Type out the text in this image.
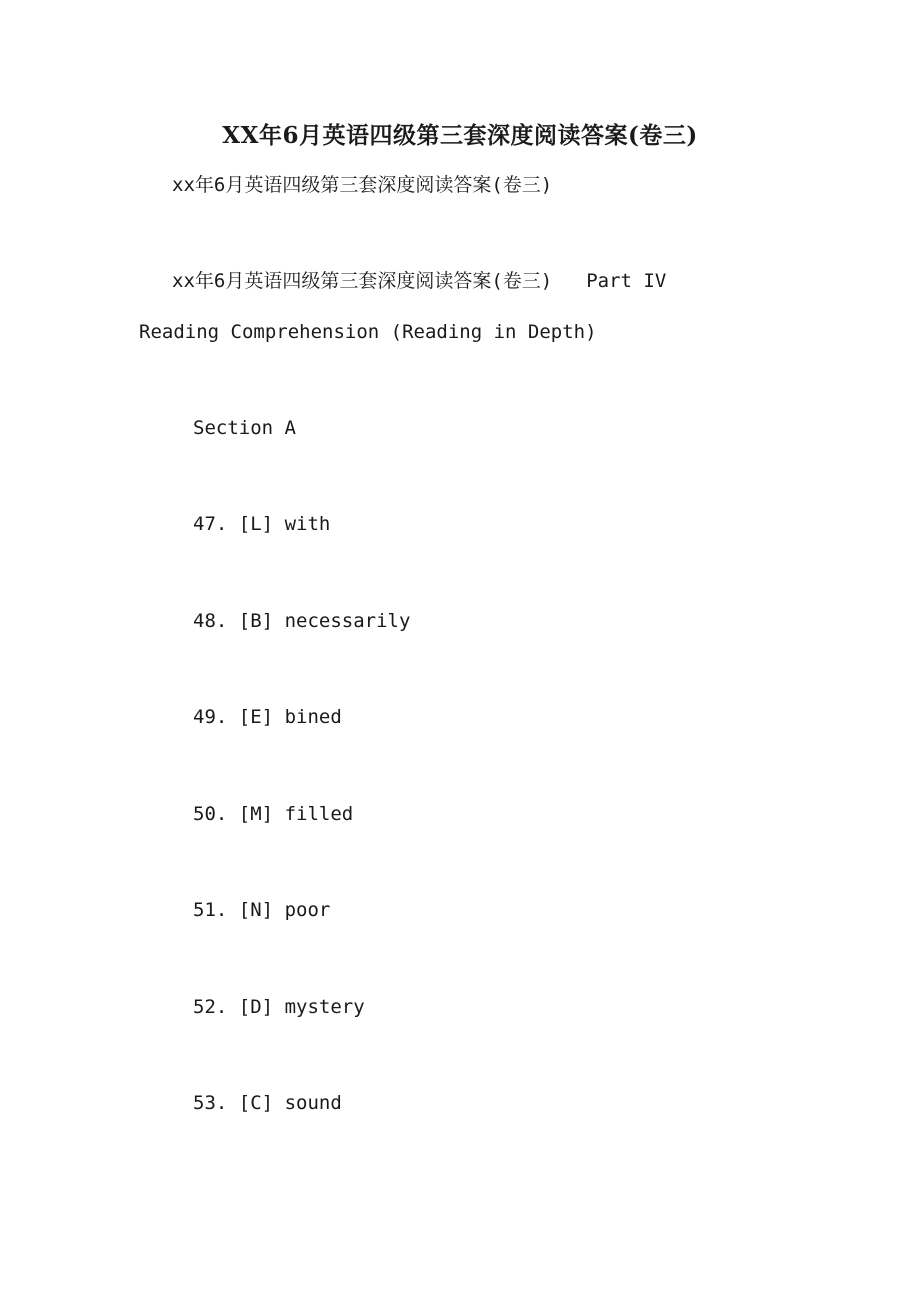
XX年6月英语四级第三套深度阅读答案(卷三)
xx年6月英语四级第三套深度阅读答案(卷三)
xx年6月英语四级第三套深度阅读答案(卷三) Part IV
Reading Comprehension (Reading in Depth)
Section A
47. [L] with
48. [B] necessarily
49. [E] bined
50. [M] filled
51. [N] poor
52. [D] mystery
53. [C] sound
